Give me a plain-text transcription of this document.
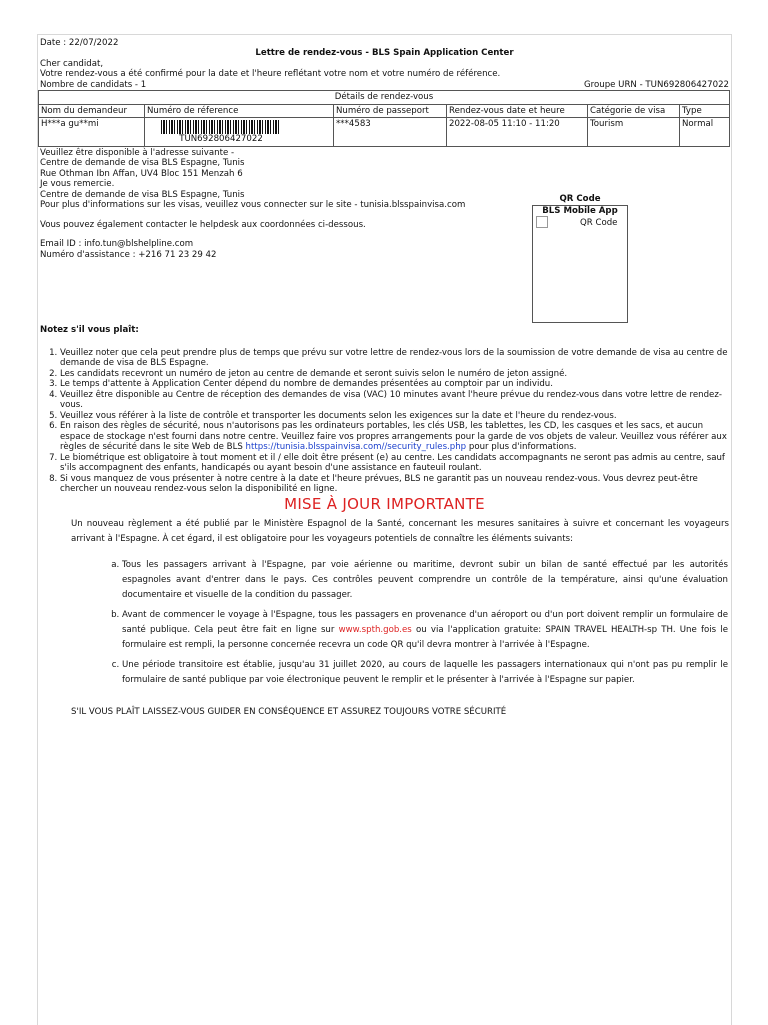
Date : 22/07/2022
Lettre de rendez-vous - BLS Spain Application Center
Cher candidat,
Votre rendez-vous a été confirmé pour la date et l'heure reflétant votre nom et votre numéro de référence.
Nombre de candidats - 1	Groupe URN - TUN692806427022
Détails de rendez-vous					
Nom du demandeur	Numéro de réference	Numéro de passeport	Rendez-vous date et heure	Catégorie de visa	Type
H***a gu**mi	TUN692806427022	***4583	2022-08-05 11:10 - 11:20	Tourism	Normal
Veuillez être disponible à l'adresse suivante -
Centre de demande de visa BLS Espagne, Tunis
Rue Othman Ibn Affan, UV4 Bloc 151 Menzah 6
Je vous remercie.
Centre de demande de visa BLS Espagne, Tunis
Pour plus d'informations sur les visas, veuillez vous connecter sur le site - tunisia.blsspainvisa.com
Vous pouvez également contacter le helpdesk aux coordonnées ci-dessous.
Email ID : info.tun@blshelpline.com
Numéro d'assistance : +216 71 23 29 42
QR Code
BLS Mobile App
QR Code
Notez s'il vous plaît:
1. Veuillez noter que cela peut prendre plus de temps que prévu sur votre lettre de rendez-vous lors de la soumission de votre demande de visa au centre de demande de visa de BLS Espagne.
2. Les candidats recevront un numéro de jeton au centre de demande et seront suivis selon le numéro de jeton assigné.
3. Le temps d'attente à Application Center dépend du nombre de demandes présentées au comptoir par un individu.
4. Veuillez être disponible au Centre de réception des demandes de visa (VAC) 10 minutes avant l'heure prévue du rendez-vous dans votre lettre de rendez-vous.
5. Veuillez vous référer à la liste de contrôle et transporter les documents selon les exigences sur la date et l'heure du rendez-vous.
6. En raison des règles de sécurité, nous n'autorisons pas les ordinateurs portables, les clés USB, les tablettes, les CD, les casques et les sacs, et aucun espace de stockage n'est fourni dans notre centre. Veuillez faire vos propres arrangements pour la garde de vos objets de valeur. Veuillez vous référer aux règles de sécurité dans le site Web de BLS https://tunisia.blsspainvisa.com//security_rules.php pour plus d'informations.
7. Le biométrique est obligatoire à tout moment et il / elle doit être présent (e) au centre. Les candidats accompagnants ne seront pas admis au centre, sauf s'ils accompagnent des enfants, handicapés ou ayant besoin d'une assistance en fauteuil roulant.
8. Si vous manquez de vous présenter à notre centre à la date et l'heure prévues, BLS ne garantit pas un nouveau rendez-vous. Vous devrez peut-être chercher un nouveau rendez-vous selon la disponibilité en ligne.
MISE À JOUR IMPORTANTE
Un nouveau règlement a été publié par le Ministère Espagnol de la Santé, concernant les mesures sanitaires à suivre et concernant les voyageurs arrivant à l'Espagne. À cet égard, il est obligatoire pour les voyageurs potentiels de connaître les éléments suivants:
a. Tous les passagers arrivant à l'Espagne, par voie aérienne ou maritime, devront subir un bilan de santé effectué par les autorités espagnoles avant d'entrer dans le pays. Ces contrôles peuvent comprendre un contrôle de la température, ainsi qu'une évaluation documentaire et visuelle de la condition du passager.
b. Avant de commencer le voyage à l'Espagne, tous les passagers en provenance d'un aéroport ou d'un port doivent remplir un formulaire de santé publique. Cela peut être fait en ligne sur www.spth.gob.es ou via l'application gratuite: SPAIN TRAVEL HEALTH-sp TH. Une fois le formulaire est rempli, la personne concernée recevra un code QR qu'il devra montrer à l'arrivée à l'Espagne.
c. Une période transitoire est établie, jusqu'au 31 juillet 2020, au cours de laquelle les passagers internationaux qui n'ont pas pu remplir le formulaire de santé publique par voie électronique peuvent le remplir et le présenter à l'arrivée à l'Espagne sur papier.
S'IL VOUS PLAÎT LAISSEZ-VOUS GUIDER EN CONSÉQUENCE ET ASSUREZ TOUJOURS VOTRE SÉCURITÉ
